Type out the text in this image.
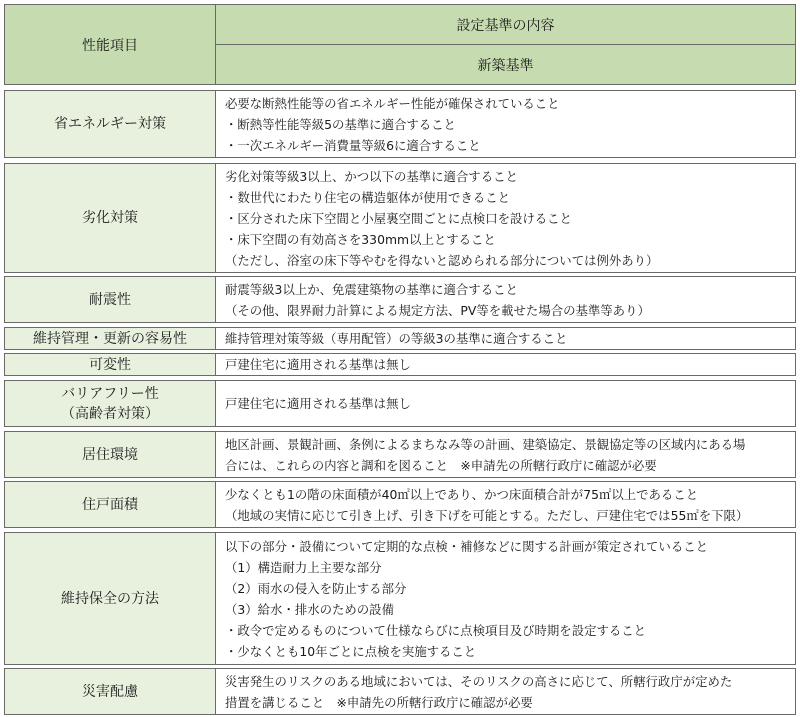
性能項目
設定基準の内容
新築基準
省エネルギー対策
必要な断熱性能等の省エネルギー性能が確保されていること
・断熱等性能等級5の基準に適合すること
・一次エネルギー消費量等級6に適合すること
劣化対策
劣化対策等級3以上、かつ以下の基準に適合すること
・数世代にわたり住宅の構造躯体が使用できること
・区分された床下空間と小屋裏空間ごとに点検口を設けること
・床下空間の有効高さを330mm以上とすること
（ただし、浴室の床下等やむを得ないと認められる部分については例外あり）
耐震性
耐震等級3以上か、免震建築物の基準に適合すること
（その他、限界耐力計算による規定方法、PV等を載せた場合の基準等あり）
維持管理・更新の容易性	維持管理対策等級（専用配管）の等級3の基準に適合すること
可変性	戸建住宅に適用される基準は無し
バリアフリー性
（高齢者対策）
戸建住宅に適用される基準は無し
居住環境
地区計画、景観計画、条例によるまちなみ等の計画、建築協定、景観協定等の区域内にある場
合には、これらの内容と調和を図ること　※申請先の所轄行政庁に確認が必要
住戸面積
少なくとも1の階の床面積が40㎡以上であり、かつ床面積合計が75㎡以上であること
（地域の実情に応じて引き上げ、引き下げを可能とする。ただし、戸建住宅では55㎡を下限）
維持保全の方法
以下の部分・設備について定期的な点検・補修などに関する計画が策定されていること
（1）構造耐力上主要な部分
（2）雨水の侵入を防止する部分
（3）給水・排水のための設備
・政令で定めるものについて仕様ならびに点検項目及び時期を設定すること
・少なくとも10年ごとに点検を実施すること
災害配慮
災害発生のリスクのある地域においては、そのリスクの高さに応じて、所轄行政庁が定めた
措置を講じること　※申請先の所轄行政庁に確認が必要
